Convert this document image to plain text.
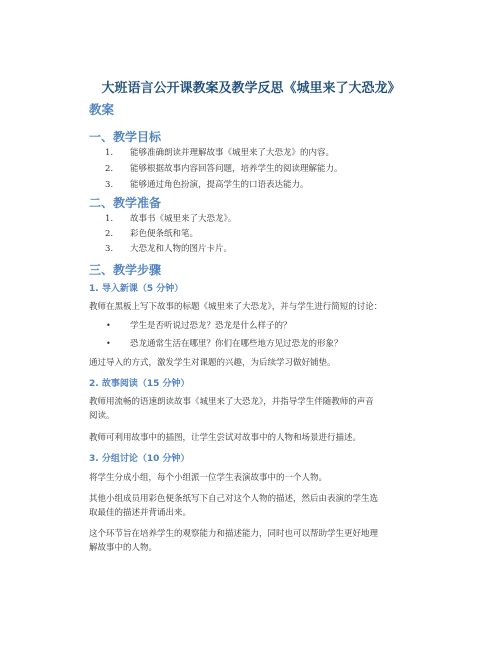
大班语言公开课教案及教学反思《城里来了大恐龙》
教案
一、教学目标
1. 能够准确朗读并理解故事《城里来了大恐龙》的内容。
2. 能够根据故事内容回答问题，培养学生的阅读理解能力。
3. 能够通过角色扮演，提高学生的口语表达能力。
二、教学准备
1. 故事书《城里来了大恐龙》。
2. 彩色便条纸和笔。
3. 大恐龙和人物的图片卡片。
三、教学步骤
1. 导入新课（5 分钟）
教师在黑板上写下故事的标题《城里来了大恐龙》，并与学生进行简短的讨论：
• 学生是否听说过恐龙？恐龙是什么样子的？
• 恐龙通常生活在哪里？你们在哪些地方见过恐龙的形象？
通过导入的方式，激发学生对课题的兴趣，为后续学习做好铺垫。
2. 故事阅读（15 分钟）
教师用流畅的语速朗读故事《城里来了大恐龙》，并指导学生伴随教师的声音
阅读。
教师可利用故事中的插图，让学生尝试对故事中的人物和场景进行描述。
3. 分组讨论（10 分钟）
将学生分成小组，每个小组派一位学生表演故事中的一个人物。
其他小组成员用彩色便条纸写下自己对这个人物的描述，然后由表演的学生选
取最佳的描述并背诵出来。
这个环节旨在培养学生的观察能力和描述能力，同时也可以帮助学生更好地理
解故事中的人物。
